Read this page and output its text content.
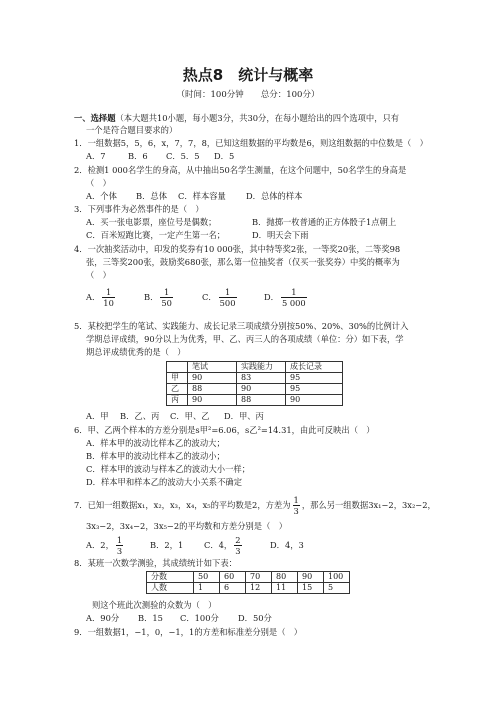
热点8　统计与概率
（时间：100分钟　　总分：100分）
一、选择题（本大题共10小题，每小题3分，共30分，在每小题给出的四个选项中，只有
一个是符合题目要求的）
1．一组数据5，5，6，x，7，7，8，已知这组数据的平均数是6，则这组数据的中位数是（　）
A．7	B．6 C．5．5 D．5
2．检测1 000名学生的身高，从中抽出50名学生测量，在这个问题中，50名学生的身高是
（　）
A．个体 B．总体 C．样本容量 D．总体的样本
3．下列事件为必然事件的是（　）
A．买一张电影票，座位号是偶数；	B．抛掷一枚普通的正方体骰子1点朝上
C．百米短跑比赛，一定产生第一名；	D．明天会下雨
4．一次抽奖活动中，印发的奖券有10 000张，其中特等奖2张，一等奖20张，二等奖98
张，三等奖200张，鼓励奖680张，那么第一位抽奖者（仅买一张奖券）中奖的概率为
（　）
A． $\frac{1}{10}$	B． $\frac{1}{50}$	C． $\frac{1}{500}$	D． $\frac{1}{5 000}$
5．某校把学生的笔试、实践能力、成长记录三项成绩分别按50%、20%、30%的比例计入
学期总评成绩，90分以上为优秀，甲、乙、丙三人的各项成绩（单位：分）如下表，学
期总评成绩优秀的是（　）
	笔试	实践能力	成长记录
甲	90	83	95
乙	88	90	95
丙	90	88	90
A．甲 B．乙、丙 C．甲、乙 D．甲、丙
6．甲、乙两个样本的方差分别是s甲²=6.06，s乙²=14.31，由此可反映出（　）
A．样本甲的波动比样本乙的波动大；
B．样本甲的波动比样本乙的波动小；
C．样本甲的波动与样本乙的波动大小一样；
D．样本甲和样本乙的波动大小关系不确定
7．已知一组数据x₁，x₂，x₃，x₄，x₅的平均数是2，方差为 $\frac{1}{3}$ ，那么另一组数据3x₁−2，3x₂−2，
3x₃−2，3x₄−2，3x₅−2的平均数和方差分别是（　）
A．2， $\frac{1}{3}$	B．2，1	C．4， $\frac{2}{3}$	D．4，3
8．某班一次数学测验，其成绩统计如下表：
分数	50	60	70	80	90	100
人数	1	6	12	11	15	5
则这个班此次测验的众数为（　）
A．90分 B．15 C．100分 D．50分
9．一组数据1，−1，0，−1，1的方差和标准差分别是（　）
